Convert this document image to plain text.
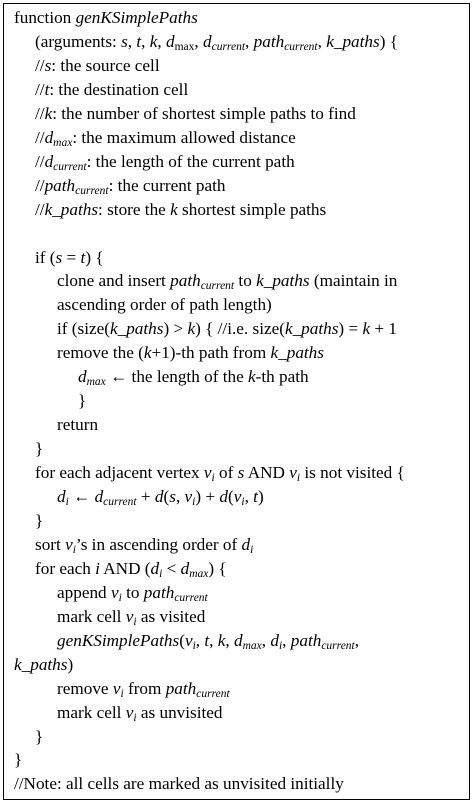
function genKSimplePaths
(arguments: s, t, k, $d_{max}$, $d_{current}$, path$_{current}$, k_paths) {
//s: the source cell
//t: the destination cell
//k: the number of shortest simple paths to find
$//d_{max}$: the maximum allowed distance
$//d_{current}$: the length of the current path
//path$_{current}$: the current path
//k_paths: store the k shortest simple paths
if (s = t) {
clone and insert path$_{current}$ to k_paths (maintain in
ascending order of path length)
if (size(k_paths) > k) { //i.e. size(k_paths) = k + 1
remove the (k+1)-th path from k_paths
$d_{max}$ ← the length of the k-th path
}
return
}
for each adjacent vertex $v_i$ of s AND $v_i$ is not visited {
$d_i$ ← $d_{current} + d(s$, $v_i) + d(v_i$, t)
}
sort $v_i’s$ in ascending order of $d_i$
for each i AND $(d_i < d_{max})$ {
append $v_i$ to path$_{current}$
mark cell $v_i$ as visited
$genKSimplePaths(v_i$, t, k, $d_{max}$, $d_i$, path$_{current}$,
k_paths)
remove $v_i$ from path$_{current}$
mark cell $v_i$ as unvisited
}
}
//Note: all cells are marked as unvisited initially
